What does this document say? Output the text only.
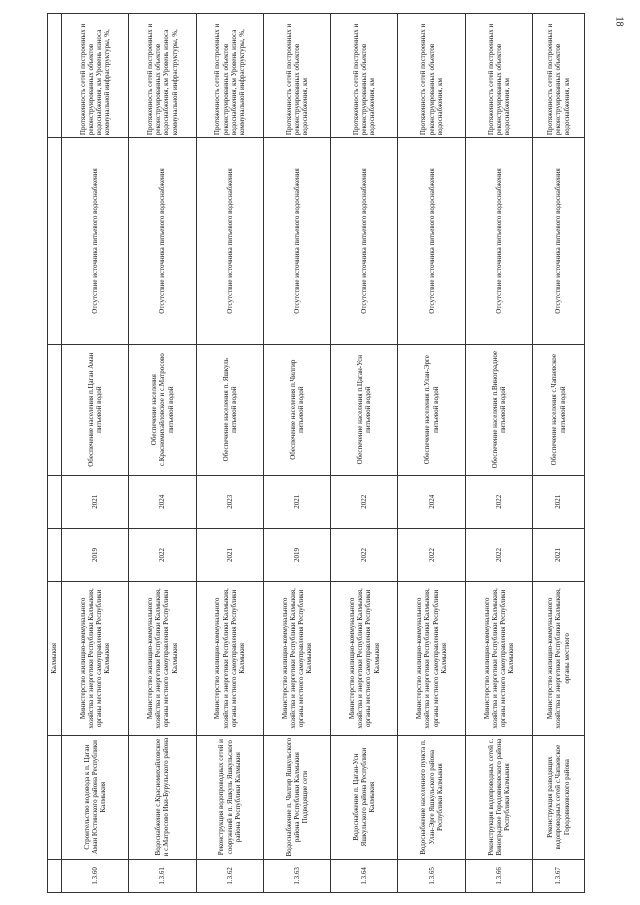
18
		Калмыкия					
1.3.60	Строительство водовода к п. Цаган Аман Юстинского района Республики Калмыкия	Министерство жилищно-коммунального хозяйства и энергетики Республики Калмыкия, органы местного самоуправления Республики Калмыкия	2019	2021	Обеспечение населения п.Цаган Аман питьевой водой	Отсутствие источника питьевого водоснабжения	Протяженность сетей построенных и реконструированных объектов водоснабжения, км Уровень износа коммунальной инфраструктуры, %,
1.3.61	Водоснабжение с.Красномихайловское и с.Матросово Ики-Бурульского района	Министерство жилищно-коммунального хозяйства и энергетики Республики Калмыкия, органы местного самоуправления Республики Калмыкия	2022	2024	Обеспечение населения с.Красномихайловское и с.Матросово питьевой водой	Отсутствие источника питьевого водоснабжения	Протяженность сетей построенных и реконструированных объектов водоснабжения, км Уровень износа коммунальной инфраструктуры, %,
1.3.62	Реконструкция водопроводных сетей и сооружений в п. Яшкуль Яшкульского района Республики Калмыкия	Министерство жилищно-коммунального хозяйства и энергетики Республики Калмыкия, органы местного самоуправления Республики Калмыкия	2021	2023	Обеспечение населения п. Яшкуль питьевой водой	Отсутствие источника питьевого водоснабжения	Протяженность сетей построенных и реконструированных объектов водоснабжения, км Уровень износа коммунальной инфраструктуры, %,
1.3.63	Водоснабжение п. Чилгир Яшкульского района Республики Калмыкия Подводящие сети	Министерство жилищно-коммунального хозяйства и энергетики Республики Калмыкия, органы местного самоуправления Республики Калмыкия	2019	2021	Обеспечение населения п.Чилгир питьевой водой	Отсутствие источника питьевого водоснабжения	Протяженность сетей построенных и реконструированных объектов водоснабжения, км
1.3.64	Водоснабжение п. Цаган-Усн Яшкульского района Республики Калмыкия	Министерство жилищно-коммунального хозяйства и энергетики Республики Калмыкия, органы местного самоуправления Республики Калмыкия	2022	2022	Обеспечение населения п.Цаган-Усн питьевой водой	Отсутствие источника питьевого водоснабжения	Протяженность сетей построенных и реконструированных объектов водоснабжения, км
1.3.65	Водоснабжение населенного пункта п. Улан-Эрге Яшкульского района Республики Калмыкия	Министерство жилищно-коммунального хозяйства и энергетики Республики Калмыкия, органы местного самоуправления Республики Калмыкия	2022	2024	Обеспечение населения п.Улан-Эрге питьевой водой	Отсутствие источника питьевого водоснабжения	Протяженность сетей построенных и реконструированных объектов водоснабжения, км
1.3.66	Реконструкция водопроводных сетей с. Виноградное Городовиковского района Республики Калмыкия	Министерство жилищно-коммунального хозяйства и энергетики Республики Калмыкия, органы местного самоуправления Республики Калмыкия	2022	2022	Обеспечение населения п.Виноградное питьевой водой	Отсутствие источника питьевого водоснабжения	Протяженность сетей построенных и реконструированных объектов водоснабжения, км
1.3.67	Реконструкция разводящих водопроводных сетей с.Чапаевское Городовиковского района	Министерство жилищно-коммунального хозяйства и энергетики Республики Калмыкия, органы местного	2021	2021	Обеспечение населения с.Чапаевское питьевой водой	Отсутствие источника питьевого водоснабжения	Протяженность сетей построенных и реконструированных объектов водоснабжения, км
